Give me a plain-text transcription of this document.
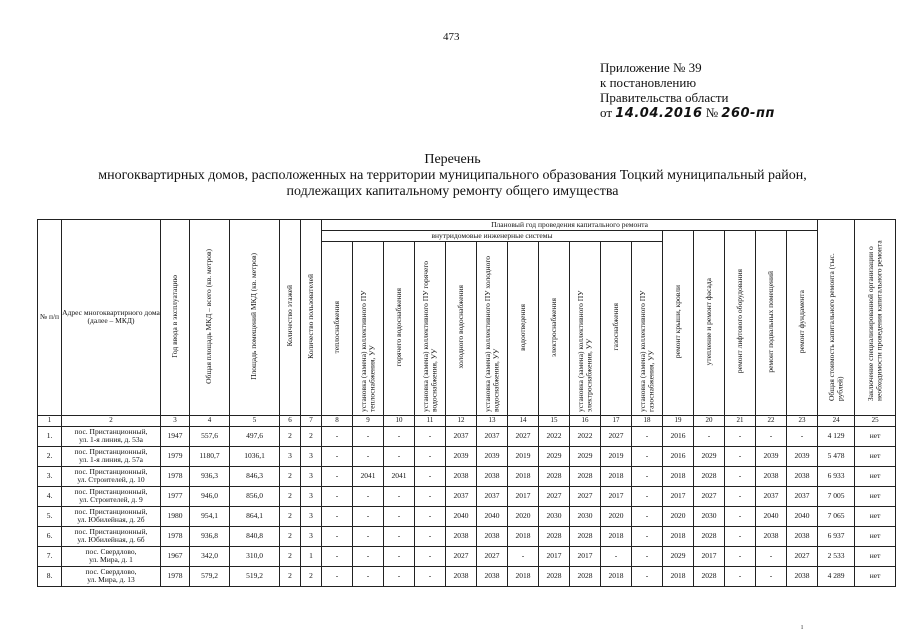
473
Приложение № 39
к постановлению
Правительства области
от 14.04.2016 № 260-пп
Перечень
многоквартирных домов, расположенных на территории муниципального образования Тоцкий муниципальный район,
подлежащих капитальному ремонту общего имущества
№ п/п	Адрес многоквартирного дома (далее – МКД)	Год ввода в эксплуатацию	Общая площадь МКД – всего (кв. метров)	Площадь помещений МКД (кв. метров)	Количество этажей	Количество пользователей	Плановый год проведения капитального ремонта																Общая стоимость капитального ремонта (тыс. рублей)	Заключение специализированной организации о необходимости проведения капитального ремонта
							внутридомовые инженерные системы											ремонт крыши, кровли	утепление и ремонт фасада	ремонт лифтового оборудования	ремонт подвальных помещений	ремонт фундамента		
							теплоснабжения	установка (замена) коллективного ПУ теплоснабжения, УУ	горячего водоснабжения	установка (замена) коллективного ПУ горячего водоснабжения, УУ	холодного водоснабжения	установка (замена) коллективного ПУ холодного водоснабжения, УУ	водоотведения	электроснабжения	установка (замена) коллективного ПУ электроснабжения, УУ	газоснабжения	установка (замена) коллективного ПУ газоснабжения, УУ							
1	2	3	4	5	6	7	8	9	10	11	12	13	14	15	16	17	18	19	20	21	22	23	24	25
1.	пос. Пристанционный,
ул. 1-я линия, д. 53а	1947	557,6	497,6	2	2	-	-	-	-	2037	2037	2027	2022	2022	2027	-	2016	-	-	-	-	4 129	нет
2.	пос. Пристанционный,
ул. 1-я линия, д. 57а	1979	1180,7	1036,1	3	3	-	-	-	-	2039	2039	2019	2029	2029	2019	-	2016	2029	-	2039	2039	5 478	нет
3.	пос. Пристанционный,
ул. Строителей, д. 10	1978	936,3	846,3	2	3	-	2041	2041	-	2038	2038	2018	2028	2028	2018	-	2018	2028	-	2038	2038	6 933	нет
4.	пос. Пристанционный,
ул. Строителей, д. 9	1977	946,0	856,0	2	3	-	-	-	-	2037	2037	2017	2027	2027	2017	-	2017	2027	-	2037	2037	7 005	нет
5.	пос. Пристанционный,
ул. Юбилейная, д. 2б	1980	954,1	864,1	2	3	-	-	-	-	2040	2040	2020	2030	2030	2020	-	2020	2030	-	2040	2040	7 065	нет
6.	пос. Пристанционный,
ул. Юбилейная, д. 6б	1978	936,8	840,8	2	3	-	-	-	-	2038	2038	2018	2028	2028	2018	-	2018	2028	-	2038	2038	6 937	нет
7.	пос. Свердлово,
ул. Мира, д. 1	1967	342,0	310,0	2	1	-	-	-	-	2027	2027	-	2017	2017	-	-	2029	2017	-	-	2027	2 533	нет
8.	пос. Свердлово,
ул. Мира, д. 13	1978	579,2	519,2	2	2	-	-	-	-	2038	2038	2018	2028	2028	2018	-	2018	2028	-	-	2038	4 289	нет
ı
